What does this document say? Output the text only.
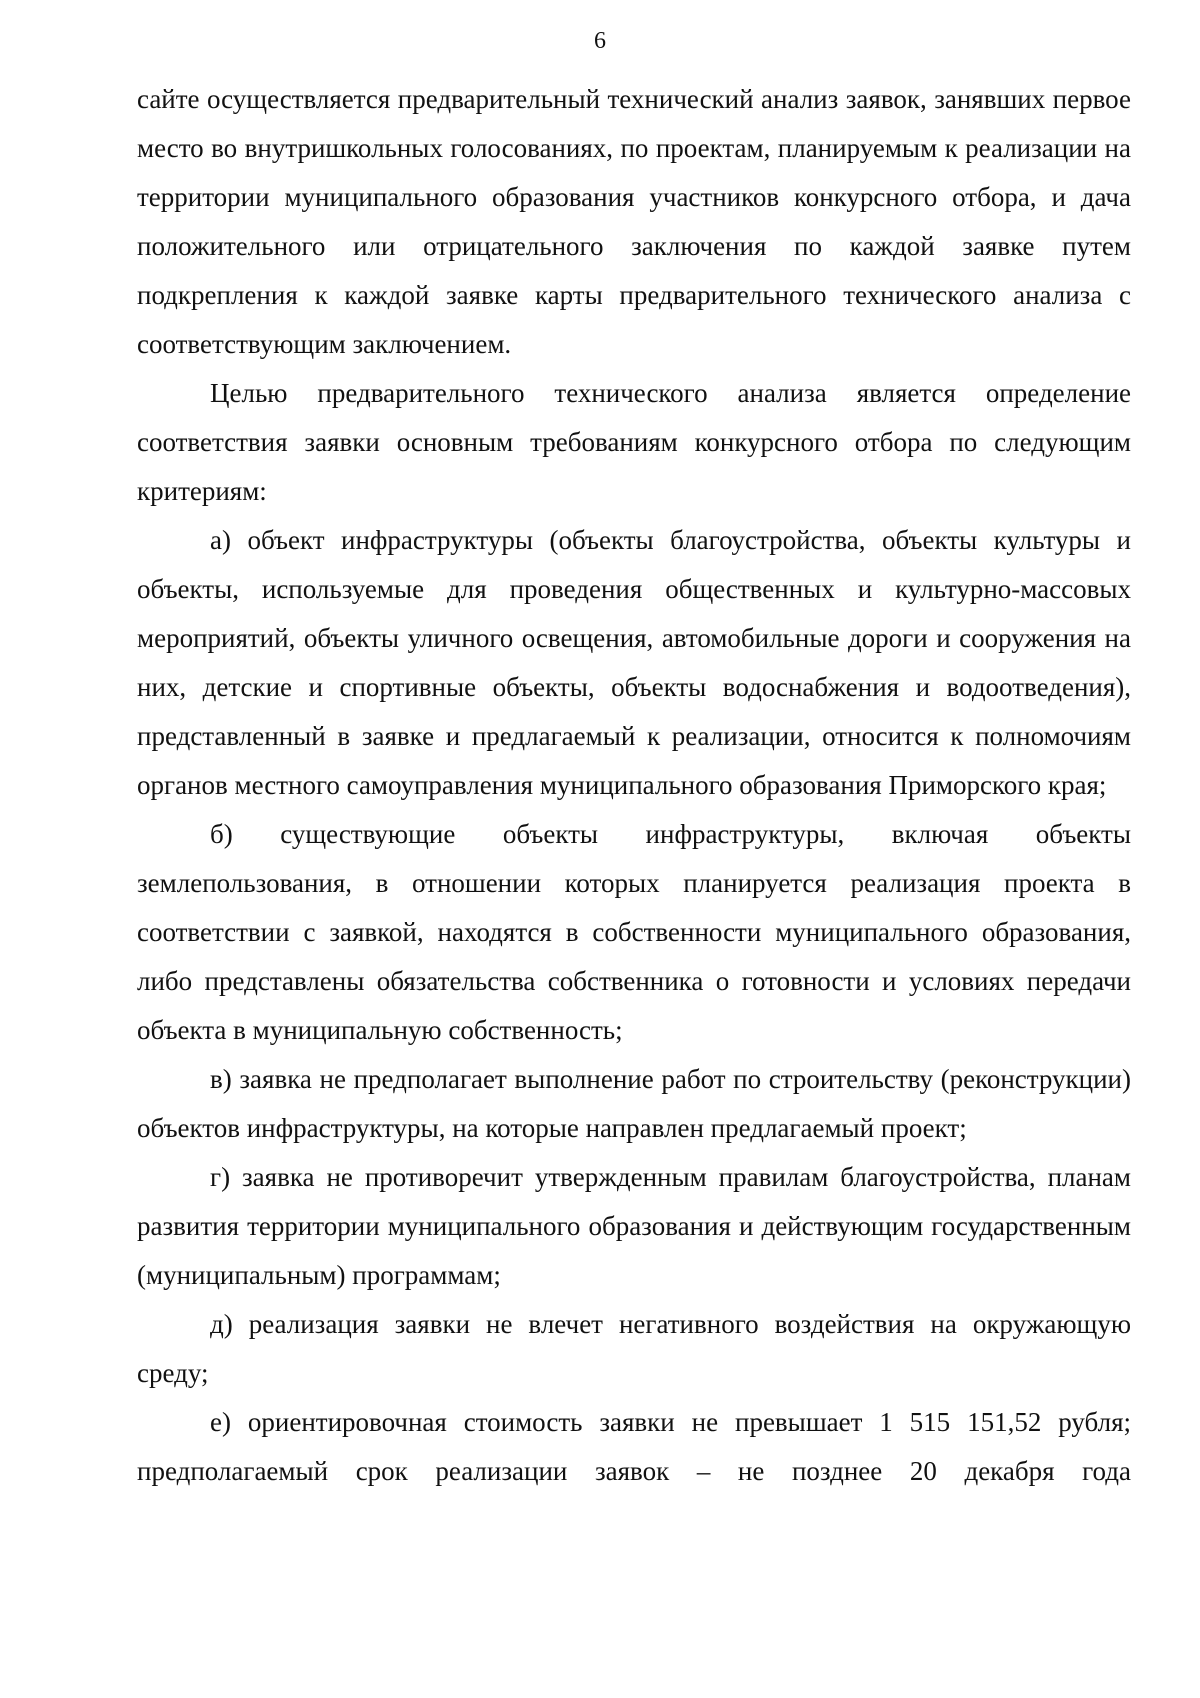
6

сайте осуществляется предварительный технический анализ заявок, занявших первое место во внутришкольных голосованиях, по проектам, планируемым к реализации на территории муниципального образования участников конкурсного отбора, и дача положительного или отрицательного заключения по каждой заявке путем подкрепления к каждой заявке карты предварительного технического анализа с соответствующим заключением.

Целью предварительного технического анализа является определение соответствия заявки основным требованиям конкурсного отбора по следующим критериям:

а) объект инфраструктуры (объекты благоустройства, объекты культуры и объекты, используемые для проведения общественных и культурно-массовых мероприятий, объекты уличного освещения, автомобильные дороги и сооружения на них, детские и спортивные объекты, объекты водоснабжения и водоотведения), представленный в заявке и предлагаемый к реализации, относится к полномочиям органов местного самоуправления муниципального образования Приморского края;

б) существующие объекты инфраструктуры, включая объекты землепользования, в отношении которых планируется реализация проекта в соответствии с заявкой, находятся в собственности муниципального образования, либо представлены обязательства собственника о готовности и условиях передачи объекта в муниципальную собственность;

в) заявка не предполагает выполнение работ по строительству (реконструкции) объектов инфраструктуры, на которые направлен предлагаемый проект;

г) заявка не противоречит утвержденным правилам благоустройства, планам развития территории муниципального образования и действующим государственным (муниципальным) программам;

д) реализация заявки не влечет негативного воздействия на окружающую среду;

е) ориентировочная стоимость заявки не превышает 1 515 151,52 рубля; предполагаемый срок реализации заявок – не позднее 20 декабря года
